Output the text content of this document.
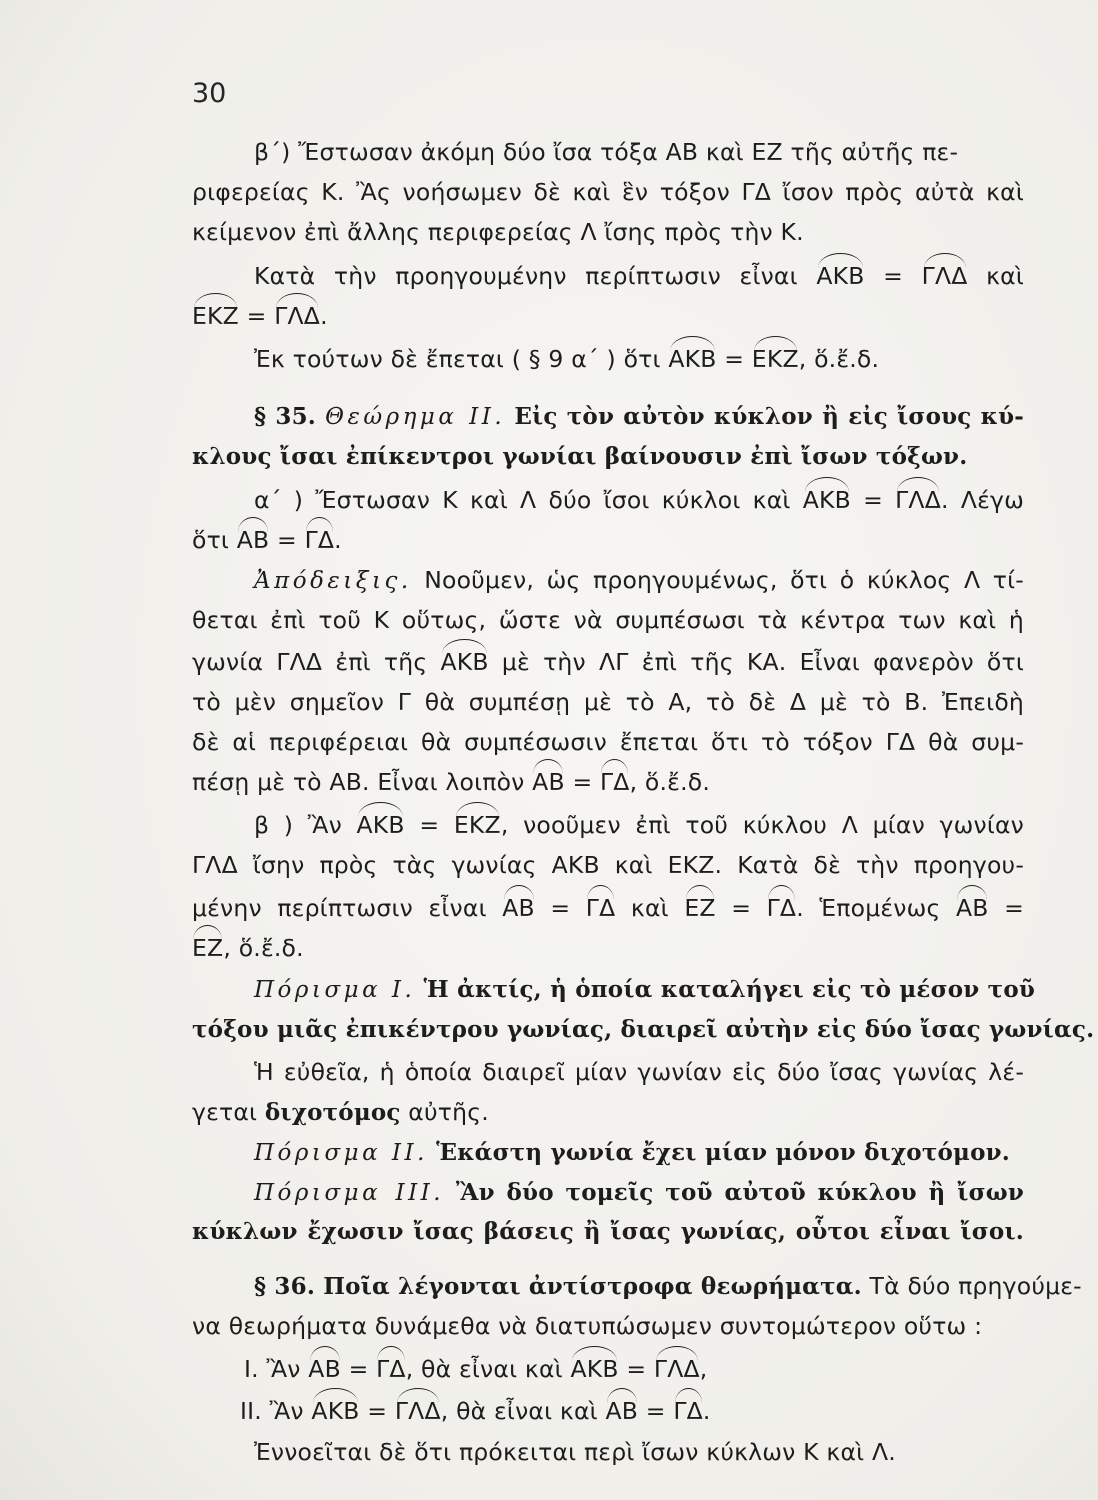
30
β΄) Ἔστωσαν ἀκόμη δύο ἴσα τόξα ΑΒ καὶ ΕΖ τῆς αὐτῆς πε-
ριφερείας Κ. Ἂς νοήσωμεν δὲ καὶ ἓν τόξον ΓΔ ἴσον πρὸς αὐτὰ καὶ
κείμενον ἐπὶ ἄλλης περιφερείας Λ ἴσης πρὸς τὴν Κ.
Κατὰ τὴν προηγουμένην περίπτωσιν εἶναι ΑΚΒ = ΓΛΔ καὶ
ΕΚΖ = ΓΛΔ.
Ἐκ τούτων δὲ ἔπεται ( § 9 α΄ ) ὅτι ΑΚΒ = ΕΚΖ, ὅ.ἔ.δ.
§ 35. Θεώρημα ΙΙ. Εἰς τὸν αὐτὸν κύκλον ἢ εἰς ἴσους κύ-
κλους ἴσαι ἐπίκεντροι γωνίαι βαίνουσιν ἐπὶ ἴσων τόξων.
α΄ ) Ἔστωσαν Κ καὶ Λ δύο ἴσοι κύκλοι καὶ ΑΚΒ = ΓΛΔ. Λέγω
ὅτι ΑΒ = ΓΔ.
Ἀπόδειξις. Νοοῦμεν, ὡς προηγουμένως, ὅτι ὁ κύκλος Λ τί-
θεται ἐπὶ τοῦ Κ οὕτως, ὥστε νὰ συμπέσωσι τὰ κέντρα των καὶ ἡ
γωνία ΓΛΔ ἐπὶ τῆς ΑΚΒ μὲ τὴν ΛΓ ἐπὶ τῆς ΚΑ. Εἶναι φανερὸν ὅτι
τὸ μὲν σημεῖον Γ θὰ συμπέσῃ μὲ τὸ Α, τὸ δὲ Δ μὲ τὸ Β. Ἐπειδὴ
δὲ αἱ περιφέρειαι θὰ συμπέσωσιν ἔπεται ὅτι τὸ τόξον ΓΔ θὰ συμ-
πέσῃ μὲ τὸ ΑΒ. Εἶναι λοιπὸν ΑΒ = ΓΔ, ὅ.ἔ.δ.
β ) Ἂν ΑΚΒ = ΕΚΖ, νοοῦμεν ἐπὶ τοῦ κύκλου Λ μίαν γωνίαν
ΓΛΔ ἴσην πρὸς τὰς γωνίας ΑΚΒ καὶ ΕΚΖ. Κατὰ δὲ τὴν προηγου-
μένην περίπτωσιν εἶναι ΑΒ = ΓΔ καὶ ΕΖ = ΓΔ. Ἑπομένως ΑΒ =
ΕΖ, ὅ.ἔ.δ.
Πόρισμα Ι. Ἡ ἀκτίς, ἡ ὁποία καταλήγει εἰς τὸ μέσον τοῦ
τόξου μιᾶς ἐπικέντρου γωνίας, διαιρεῖ αὐτὴν εἰς δύο ἴσας γωνίας.
Ἡ εὐθεῖα, ἡ ὁποία διαιρεῖ μίαν γωνίαν εἰς δύο ἴσας γωνίας λέ-
γεται διχοτόμος αὐτῆς.
Πόρισμα ΙΙ. Ἑκάστη γωνία ἔχει μίαν μόνον διχοτόμον.
Πόρισμα ΙΙΙ. Ἂν δύο τομεῖς τοῦ αὐτοῦ κύκλου ἢ ἴσων
κύκλων ἔχωσιν ἴσας βάσεις ἢ ἴσας γωνίας, οὗτοι εἶναι ἴσοι.
§ 36. Ποῖα λέγονται ἀντίστροφα θεωρήματα. Τὰ δύο πρηγούμε-
να θεωρήματα δυνάμεθα νὰ διατυπώσωμεν συντομώτερον οὕτω :
Ι. Ἂν ΑΒ = ΓΔ, θὰ εἶναι καὶ ΑΚΒ = ΓΛΔ,
ΙΙ. Ἂν ΑΚΒ = ΓΛΔ, θὰ εἶναι καὶ ΑΒ = ΓΔ.
Ἐννοεῖται δὲ ὅτι πρόκειται περὶ ἴσων κύκλων Κ καὶ Λ.
